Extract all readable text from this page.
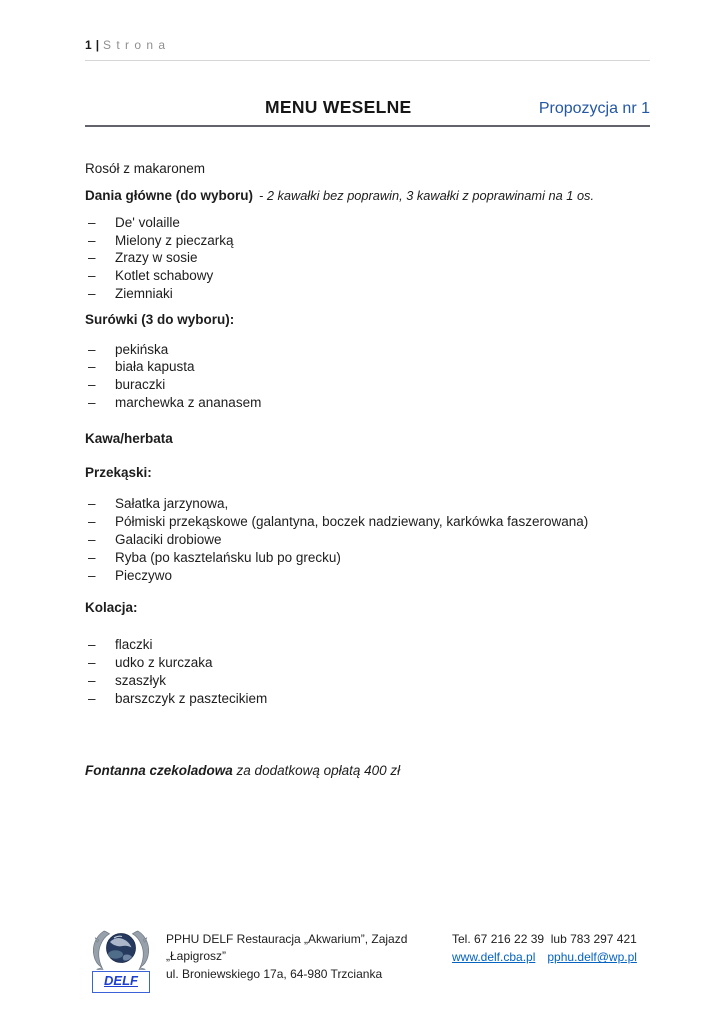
1 | S t r o n a
MENU WESELNE	Propozycja nr 1
Rosół z makaronem
Dania główne (do wyboru) - 2 kawałki bez poprawin, 3 kawałki z poprawinami na 1 os.
–	De' volaille
–	Mielony z pieczarką
–	Zrazy w sosie
–	Kotlet schabowy
–	Ziemniaki
Surówki (3 do wyboru):
–	pekińska
–	biała kapusta
–	buraczki
–	marchewka z ananasem
Kawa/herbata
Przekąski:
–	Sałatka jarzynowa,
–	Półmiski przekąskowe (galantyna, boczek nadziewany, karkówka faszerowana)
–	Galaciki drobiowe
–	Ryba (po kasztelańsku lub po grecku)
–	Pieczywo
Kolacja:
–	flaczki
–	udko z kurczaka
–	szaszłyk
–	barszczyk z pasztecikiem
Fontanna czekoladowa za dodatkową opłatą 400 zł
DELF
PPHU DELF Restauracja „Akwarium”, Zajazd „Łapigrosz”
ul. Broniewskiego 17a, 64-980 Trzcianka
Tel. 67 216 22 39  lub 783 297 421
www.delf.cba.pl pphu.delf@wp.pl
